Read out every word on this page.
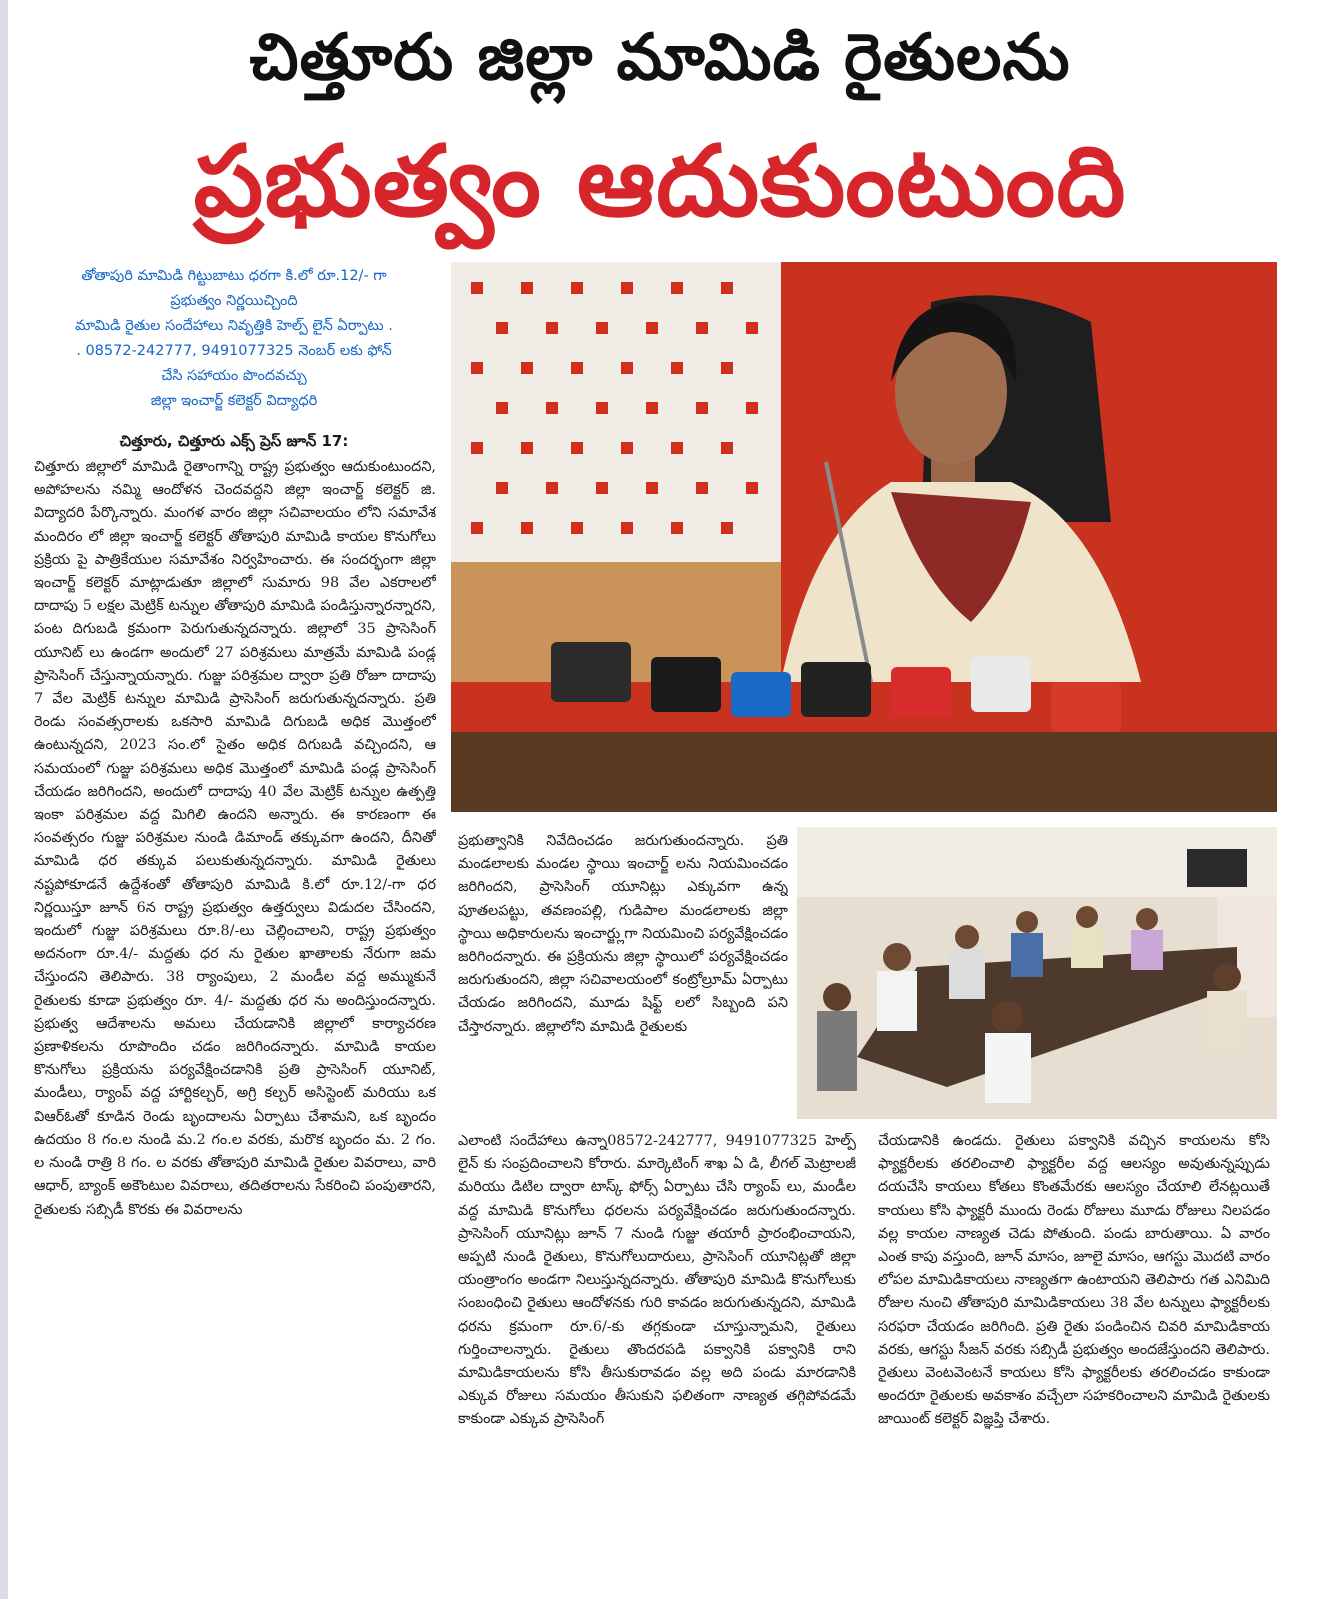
చిత్తూరు జిల్లా మామిడి రైతులను
ప్రభుత్వం ఆదుకుంటుంది
తోతాపురి మామిడి గిట్టుబాటు ధరగా కి.లో రూ.12/- గా
ప్రభుత్వం నిర్ణయిచ్చింది
మామిడి రైతుల సందేహాలు నివృత్తికి హెల్ప్ లైన్ ఏర్పాటు .
. 08572-242777, 9491077325 నెంబర్ లకు ఫోన్
చేసి సహాయం పొందవచ్చు
జిల్లా ఇంచార్జ్ కలెక్టర్ విద్యాధరి
చిత్తూరు, చిత్తూరు ఎక్స్ ప్రెస్ జూన్ 17:
చిత్తూరు జిల్లాలో మామిడి రైతాంగాన్ని రాష్ట్ర ప్రభుత్వం ఆదుకుంటుందని, అపోహలను నమ్మి ఆందోళన చెందవద్దని జిల్లా ఇంచార్జ్ కలెక్టర్ జి. విద్యాదరి పేర్కొన్నారు. మంగళ వారం జిల్లా సచివాలయం లోని సమావేశ మందిరం లో జిల్లా ఇంచార్జ్ కలెక్టర్ తోతాపురి మామిడి కాయల కొనుగోలు ప్రక్రియ పై పాత్రికేయుల సమావేశం నిర్వహించారు. ఈ సందర్భంగా జిల్లా ఇంచార్జ్ కలెక్టర్ మాట్లాడుతూ జిల్లాలో సుమారు 98 వేల ఎకరాలలో దాదాపు 5 లక్షల మెట్రిక్ టన్నుల తోతాపురి మామిడి పండిస్తున్నారన్నారని, పంట దిగుబడి క్రమంగా పెరుగుతున్నదన్నారు. జిల్లాలో 35 ప్రాసెసింగ్ యూనిట్ లు ఉండగా అందులో 27 పరిశ్రమలు మాత్రమే మామిడి పండ్ల ప్రాసెసింగ్ చేస్తున్నాయన్నారు. గుజ్జు పరిశ్రమల ద్వారా ప్రతి రోజూ దాదాపు 7 వేల మెట్రిక్ టన్నుల మామిడి ప్రాసెసింగ్ జరుగుతున్నదన్నారు. ప్రతి రెండు సంవత్సరాలకు ఒకసారి మామిడి దిగుబడి అధిక మొత్తంలో ఉంటున్నదని, 2023 సం.లో సైతం అధిక దిగుబడి వచ్చిందని, ఆ సమయంలో గుజ్జు పరిశ్రమలు అధిక మొత్తంలో మామిడి పండ్ల ప్రాసెసింగ్ చేయడం జరిగిందని, అందులో దాదాపు 40 వేల మెట్రిక్ టన్నుల ఉత్పత్తి ఇంకా పరిశ్రమల వద్ద మిగిలి ఉందని అన్నారు. ఈ కారణంగా ఈ సంవత్సరం గుజ్జు పరిశ్రమల నుండి డిమాండ్ తక్కువగా ఉందని, దీనితో మామిడి ధర తక్కువ పలుకుతున్నదన్నారు. మామిడి రైతులు నష్టపోకూడనే ఉద్దేశంతో తోతాపురి మామిడి కి.లో రూ.12/-గా ధర నిర్ణయిస్తూ జూన్ 6న రాష్ట్ర ప్రభుత్వం ఉత్తర్వులు విడుదల చేసిందని, ఇందులో గుజ్జు పరిశ్రమలు రూ.8/-లు చెల్లించాలని, రాష్ట్ర ప్రభుత్వం అదనంగా రూ.4/- మద్దతు ధర ను రైతుల ఖాతాలకు నేరుగా జమ చేస్తుందని తెలిపారు. 38 ర్యాంపులు, 2 మండీల వద్ద అమ్ముకునే రైతులకు కూడా ప్రభుత్వం రూ. 4/- మద్దతు ధర ను అందిస్తుందన్నారు. ప్రభుత్వ ఆదేశాలను అమలు చేయడానికి జిల్లాలో కార్యాచరణ ప్రణాళికలను రూపొందిం చడం జరిగిందన్నారు. మామిడి కాయల కొనుగోలు ప్రక్రియను పర్యవేక్షించడానికి ప్రతి ప్రాసెసింగ్ యూనిట్, మండీలు, ర్యాంప్ వద్ద హార్టికల్చర్, అగ్రి కల్చర్ అసిస్టెంట్ మరియు ఒక విఆర్ఓతో కూడిన రెండు బృందాలను ఏర్పాటు చేశామని, ఒక బృందం ఉదయం 8 గం.ల నుండి మ.2 గం.ల వరకు, మరొక బృందం మ. 2 గం. ల నుండి రాత్రి 8 గం. ల వరకు తోతాపురి మామిడి రైతుల వివరాలు, వారి ఆధార్, బ్యాంక్ అకౌంటుల వివరాలు, తదితరాలను సేకరించి పంపుతారని, రైతులకు సబ్సిడీ కొరకు ఈ వివరాలను
ప్రభుత్వానికి నివేదించడం జరుగుతుందన్నారు. ప్రతి మండలాలకు మండల స్థాయి ఇంచార్జ్ లను నియమించడం జరిగిందని, ప్రాసెసింగ్ యూనిట్లు ఎక్కువగా ఉన్న పూతలపట్టు, తవణంపల్లి, గుడిపాల మండలాలకు జిల్లా స్థాయి అధికారులను ఇంచార్జ్లుగా నియమించి పర్యవేక్షించడం జరిగిందన్నారు. ఈ ప్రక్రియను జిల్లా స్థాయిలో పర్యవేక్షించడం జరుగుతుందని, జిల్లా సచివాలయంలో కంట్రోల్రూమ్ ఏర్పాటు చేయడం జరిగిందని, మూడు షిఫ్ట్ లలో సిబ్బంది పని చేస్తారన్నారు. జిల్లాలోని మామిడి రైతులకు
ఎలాంటి సందేహాలు ఉన్నా08572-242777, 9491077325 హెల్ప్ లైన్ కు సంప్రదించాలని కోరారు. మార్కెటింగ్ శాఖ ఏ డి, లీగల్ మెట్రాలజీ మరియు డిటిల ద్వారా టాస్క్ ఫోర్స్ ఏర్పాటు చేసి ర్యాంప్ లు, మండీల వద్ద మామిడి కొనుగోలు ధరలను పర్యవేక్షించడం జరుగుతుందన్నారు. ప్రాసెసింగ్ యూనిట్లు జూన్ 7 నుండి గుజ్జు తయారీ ప్రారంభించాయని, అప్పటి నుండి రైతులు, కొనుగోలుదారులు, ప్రాసెసింగ్ యూనిట్లతో జిల్లా యంత్రాంగం అండగా నిలుస్తున్నదన్నారు. తోతాపురి మామిడి కొనుగోలుకు సంబంధించి రైతులు ఆందోళనకు గురి కావడం జరుగుతున్నదని, మామిడి ధరను క్రమంగా రూ.6/-కు తగ్గకుండా చూస్తున్నామని, రైతులు గుర్తించాలన్నారు. రైతులు తొందరపడి పక్వానికి పక్వానికి రాని మామిడికాయలను కోసి తీసుకురావడం వల్ల అది పండు మారడానికి ఎక్కువ రోజులు సమయం తీసుకుని ఫలితంగా నాణ్యత తగ్గిపోవడమే కాకుండా ఎక్కువ ప్రాసెసింగ్
చేయడానికి ఉండదు. రైతులు పక్వానికి వచ్చిన కాయలను కోసి ఫ్యాక్టరీలకు తరలించాలి ఫ్యాక్టరీల వద్ద ఆలస్యం అవుతున్నప్పుడు దయచేసి కాయలు కోతలు కొంతమేరకు ఆలస్యం చేయాలి లేనట్లయితే కాయలు కోసి ఫ్యాక్టరీ ముందు రెండు రోజులు మూడు రోజులు నిలపడం వల్ల కాయల నాణ్యత చెడు పోతుంది. పండు బారుతాయి. ఏ వారం ఎంత కాపు వస్తుంది, జూన్ మాసం, జూలై మాసం, ఆగస్టు మొదటి వారం లోపల మామిడికాయలు నాణ్యతగా ఉంటాయని తెలిపారు గత ఎనిమిది రోజుల నుంచి తోతాపురి మామిడికాయలు 38 వేల టన్నులు ఫ్యాక్టరీలకు సరఫరా చేయడం జరిగింది. ప్రతి రైతు పండించిన చివరి మామిడికాయ వరకు, ఆగస్టు సీజన్ వరకు సబ్సిడీ ప్రభుత్వం అందజేస్తుందని తెలిపారు. రైతులు వెంటవెంటనే కాయలు కోసి ఫ్యాక్టరీలకు తరలించడం కాకుండా అందరూ రైతులకు అవకాశం వచ్చేలా సహకరించాలని మామిడి రైతులకు జాయింట్ కలెక్టర్ విజ్ఞప్తి చేశారు.
